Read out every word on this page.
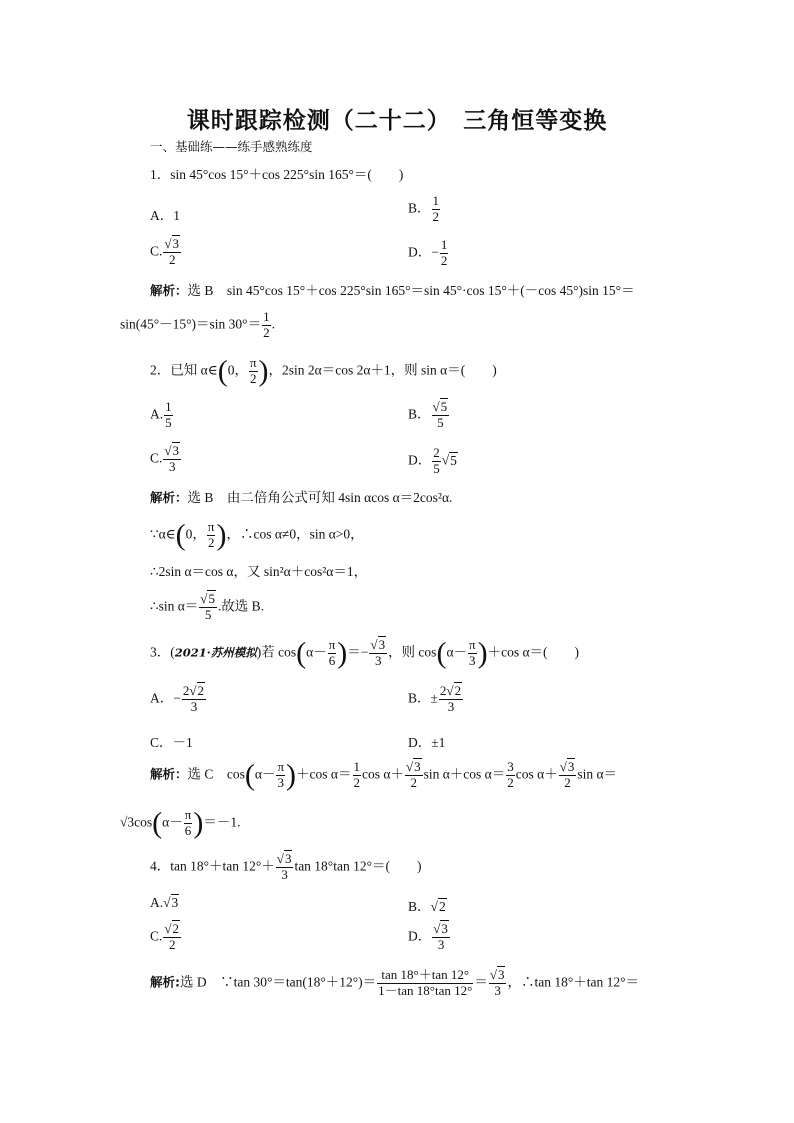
课时跟踪检测（二十二）　三角恒等变换
一、基础练——练手感熟练度
1．sin 45°cos 15°＋cos 225°sin 165°＝(　　)
A．1	B． $\frac{1}{2}$
C. $\frac{√3}{2}$	D．− $\frac{1}{2}$
解析：选 B　sin 45°cos 15°＋cos 225°sin 165°＝sin 45°·cos 15°＋(－cos 45°)sin 15°＝
sin(45°－15°)＝sin $30^\circ= \frac{1}{2}$ .
2．已知 α∈(0， $\frac{\pi}{2}$ )，2sin 2α＝cos 2α＋1，则 sin α＝(　　)
A. $\frac{1}{5}$	B． $\frac{√5}{5}$
C. $\frac{√3}{3}$	D． $\frac{2}{5} √5$
解析：选 B　由二倍角公式可知 4sin αcos α＝2cos²α.
∵α∈(0， $\frac{\pi}{2}$ )，∴cos α≠0，sin α>0，
∴2sin α＝cos α，又 sin²α＋cos²α＝1，
∴sin $\alpha= \frac{√5}{5}$ .故选 B.
3．(2021·苏州模拟)若 $\cos(\alpha- \frac{\pi}{6}$ )＝− $\frac{√3}{3}$ ，则 $\cos(\alpha- \frac{\pi}{3} )+\cos$ α＝(　　)
A．− $\frac{2√2}{3}$	B．± $\frac{2√2}{3}$
C．－1	D．±1
解析：选 C　$\cos(\alpha- \frac{\pi}{3} )+\cos$ $\alpha= \frac{1}{2}$ $\cos \alpha+ \frac{√3}{2}$ sin α＋cos $\alpha= \frac{3}{2}$ $\cos \alpha+ \frac{√3}{2}$ sin α＝
$√3\cos(\alpha- \frac{\pi}{6} )=-1$.
4．tan 18°＋tan $12^\circ+ \frac{√3}{3}$ tan 18°tan 12°＝(　　)
A.√3	B．√2
C. $\frac{√2}{2}$	D． $\frac{√3}{3}$
解析:选 D　∵tan $30^\circ=\tan(18^\circ+12^\circ)= \frac{\tan 18^\circ+\tan 12^\circ}{1-\tan 18^\circ\tan 12^\circ} = \frac{√3}{3}$ ，∴tan 18°＋tan 12°＝
